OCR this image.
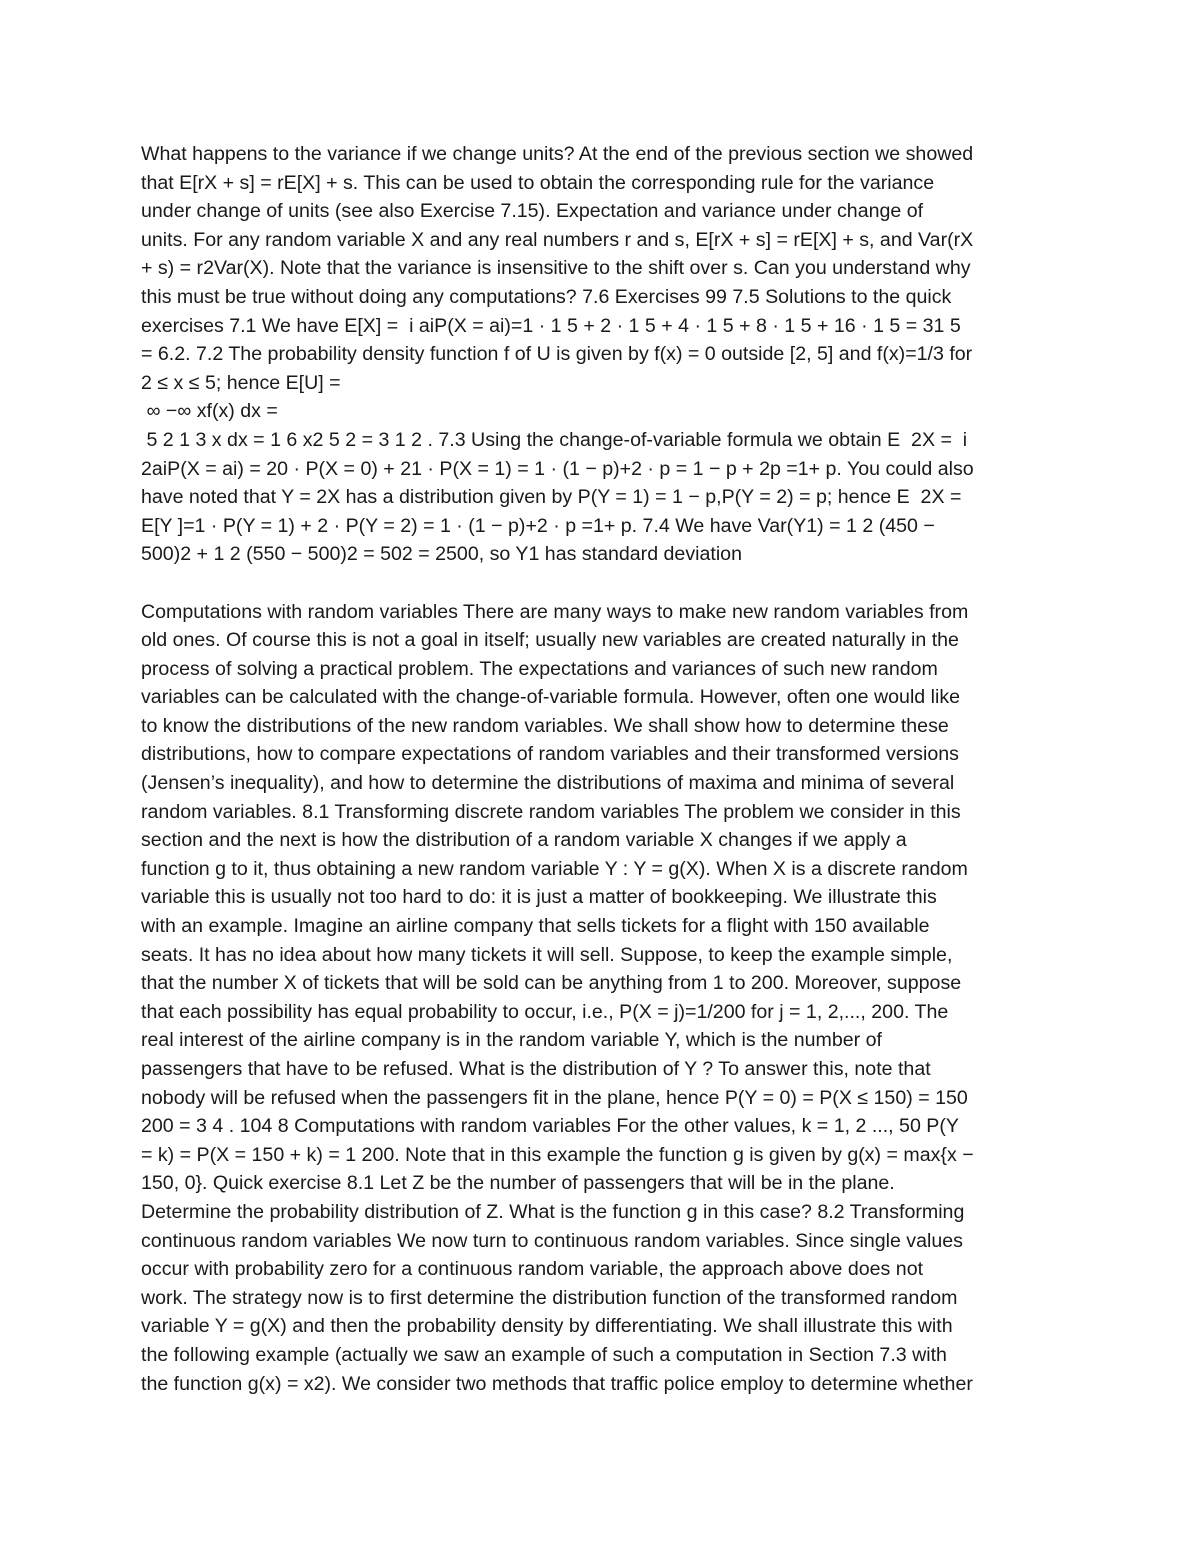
What happens to the variance if we change units? At the end of the previous section we showed
that E[rX + s] = rE[X] + s. This can be used to obtain the corresponding rule for the variance
under change of units (see also Exercise 7.15). Expectation and variance under change of
units. For any random variable X and any real numbers r and s, E[rX + s] = rE[X] + s, and Var(rX
+ s) = r2Var(X). Note that the variance is insensitive to the shift over s. Can you understand why
this must be true without doing any computations? 7.6 Exercises 99 7.5 Solutions to the quick
exercises 7.1 We have E[X] =  i aiP(X = ai)=1 · 1 5 + 2 · 1 5 + 4 · 1 5 + 8 · 1 5 + 16 · 1 5 = 31 5
= 6.2. 7.2 The probability density function f of U is given by f(x) = 0 outside [2, 5] and f(x)=1/3 for
2 ≤ x ≤ 5; hence E[U] =
∞ −∞ xf(x) dx =
5 2 1 3 x dx = 1 6 x2 5 2 = 3 1 2 . 7.3 Using the change-of-variable formula we obtain E  2X =  i
2aiP(X = ai) = 20 · P(X = 0) + 21 · P(X = 1) = 1 · (1 − p)+2 · p = 1 − p + 2p =1+ p. You could also
have noted that Y = 2X has a distribution given by P(Y = 1) = 1 − p,P(Y = 2) = p; hence E  2X =
E[Y ]=1 · P(Y = 1) + 2 · P(Y = 2) = 1 · (1 − p)+2 · p =1+ p. 7.4 We have Var(Y1) = 1 2 (450 −
500)2 + 1 2 (550 − 500)2 = 502 = 2500, so Y1 has standard deviation
Computations with random variables There are many ways to make new random variables from
old ones. Of course this is not a goal in itself; usually new variables are created naturally in the
process of solving a practical problem. The expectations and variances of such new random
variables can be calculated with the change-of-variable formula. However, often one would like
to know the distributions of the new random variables. We shall show how to determine these
distributions, how to compare expectations of random variables and their transformed versions
(Jensen’s inequality), and how to determine the distributions of maxima and minima of several
random variables. 8.1 Transforming discrete random variables The problem we consider in this
section and the next is how the distribution of a random variable X changes if we apply a
function g to it, thus obtaining a new random variable Y : Y = g(X). When X is a discrete random
variable this is usually not too hard to do: it is just a matter of bookkeeping. We illustrate this
with an example. Imagine an airline company that sells tickets for a flight with 150 available
seats. It has no idea about how many tickets it will sell. Suppose, to keep the example simple,
that the number X of tickets that will be sold can be anything from 1 to 200. Moreover, suppose
that each possibility has equal probability to occur, i.e., P(X = j)=1/200 for j = 1, 2,..., 200. The
real interest of the airline company is in the random variable Y, which is the number of
passengers that have to be refused. What is the distribution of Y ? To answer this, note that
nobody will be refused when the passengers fit in the plane, hence P(Y = 0) = P(X ≤ 150) = 150
200 = 3 4 . 104 8 Computations with random variables For the other values, k = 1, 2 ..., 50 P(Y
= k) = P(X = 150 + k) = 1 200. Note that in this example the function g is given by g(x) = max{x −
150, 0}. Quick exercise 8.1 Let Z be the number of passengers that will be in the plane.
Determine the probability distribution of Z. What is the function g in this case? 8.2 Transforming
continuous random variables We now turn to continuous random variables. Since single values
occur with probability zero for a continuous random variable, the approach above does not
work. The strategy now is to first determine the distribution function of the transformed random
variable Y = g(X) and then the probability density by differentiating. We shall illustrate this with
the following example (actually we saw an example of such a computation in Section 7.3 with
the function g(x) = x2). We consider two methods that traffic police employ to determine whether
